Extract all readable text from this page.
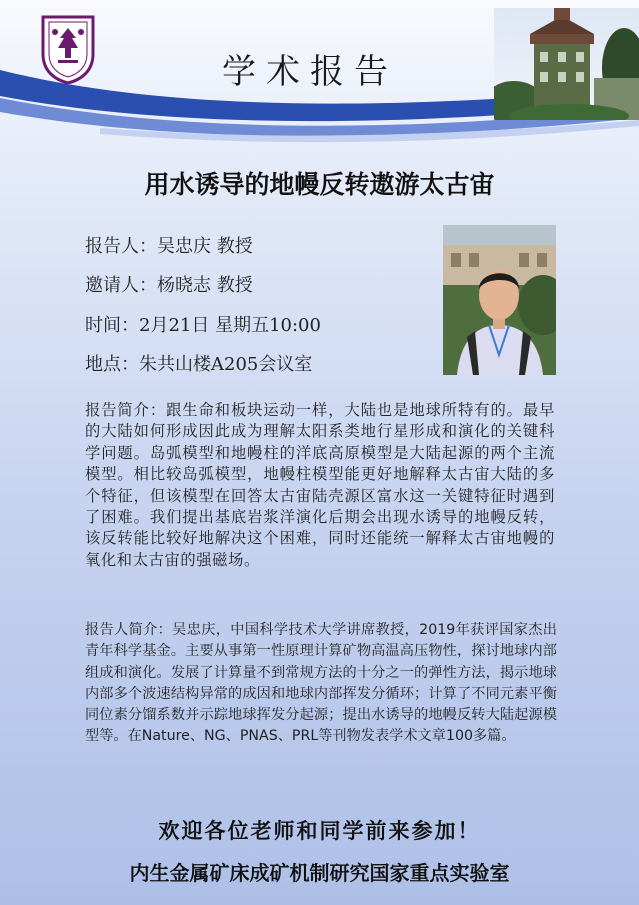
学术报告
用水诱导的地幔反转遨游太古宙
报告人：吴忠庆 教授
邀请人：杨晓志 教授
时间：2月21日 星期五10:00
地点：朱共山楼A205会议室
报告简介：跟生命和板块运动一样，大陆也是地球所特有的。最早的大陆如何形成因此成为理解太阳系类地行星形成和演化的关键科学问题。岛弧模型和地幔柱的洋底高原模型是大陆起源的两个主流模型。相比较岛弧模型，地幔柱模型能更好地解释太古宙大陆的多个特征，但该模型在回答太古宙陆壳源区富水这一关键特征时遇到了困难。我们提出基底岩浆洋演化后期会出现水诱导的地幔反转，该反转能比较好地解决这个困难，同时还能统一解释太古宙地幔的氧化和太古宙的强磁场。
报告人简介：吴忠庆，中国科学技术大学讲席教授，2019年获评国家杰出青年科学基金。主要从事第一性原理计算矿物高温高压物性，探讨地球内部组成和演化。发展了计算量不到常规方法的十分之一的弹性方法，揭示地球内部多个波速结构异常的成因和地球内部挥发分循环；计算了不同元素平衡同位素分馏系数并示踪地球挥发分起源；提出水诱导的地幔反转大陆起源模型等。在Nature、NG、PNAS、PRL等刊物发表学术文章100多篇。
欢迎各位老师和同学前来参加！
内生金属矿床成矿机制研究国家重点实验室
